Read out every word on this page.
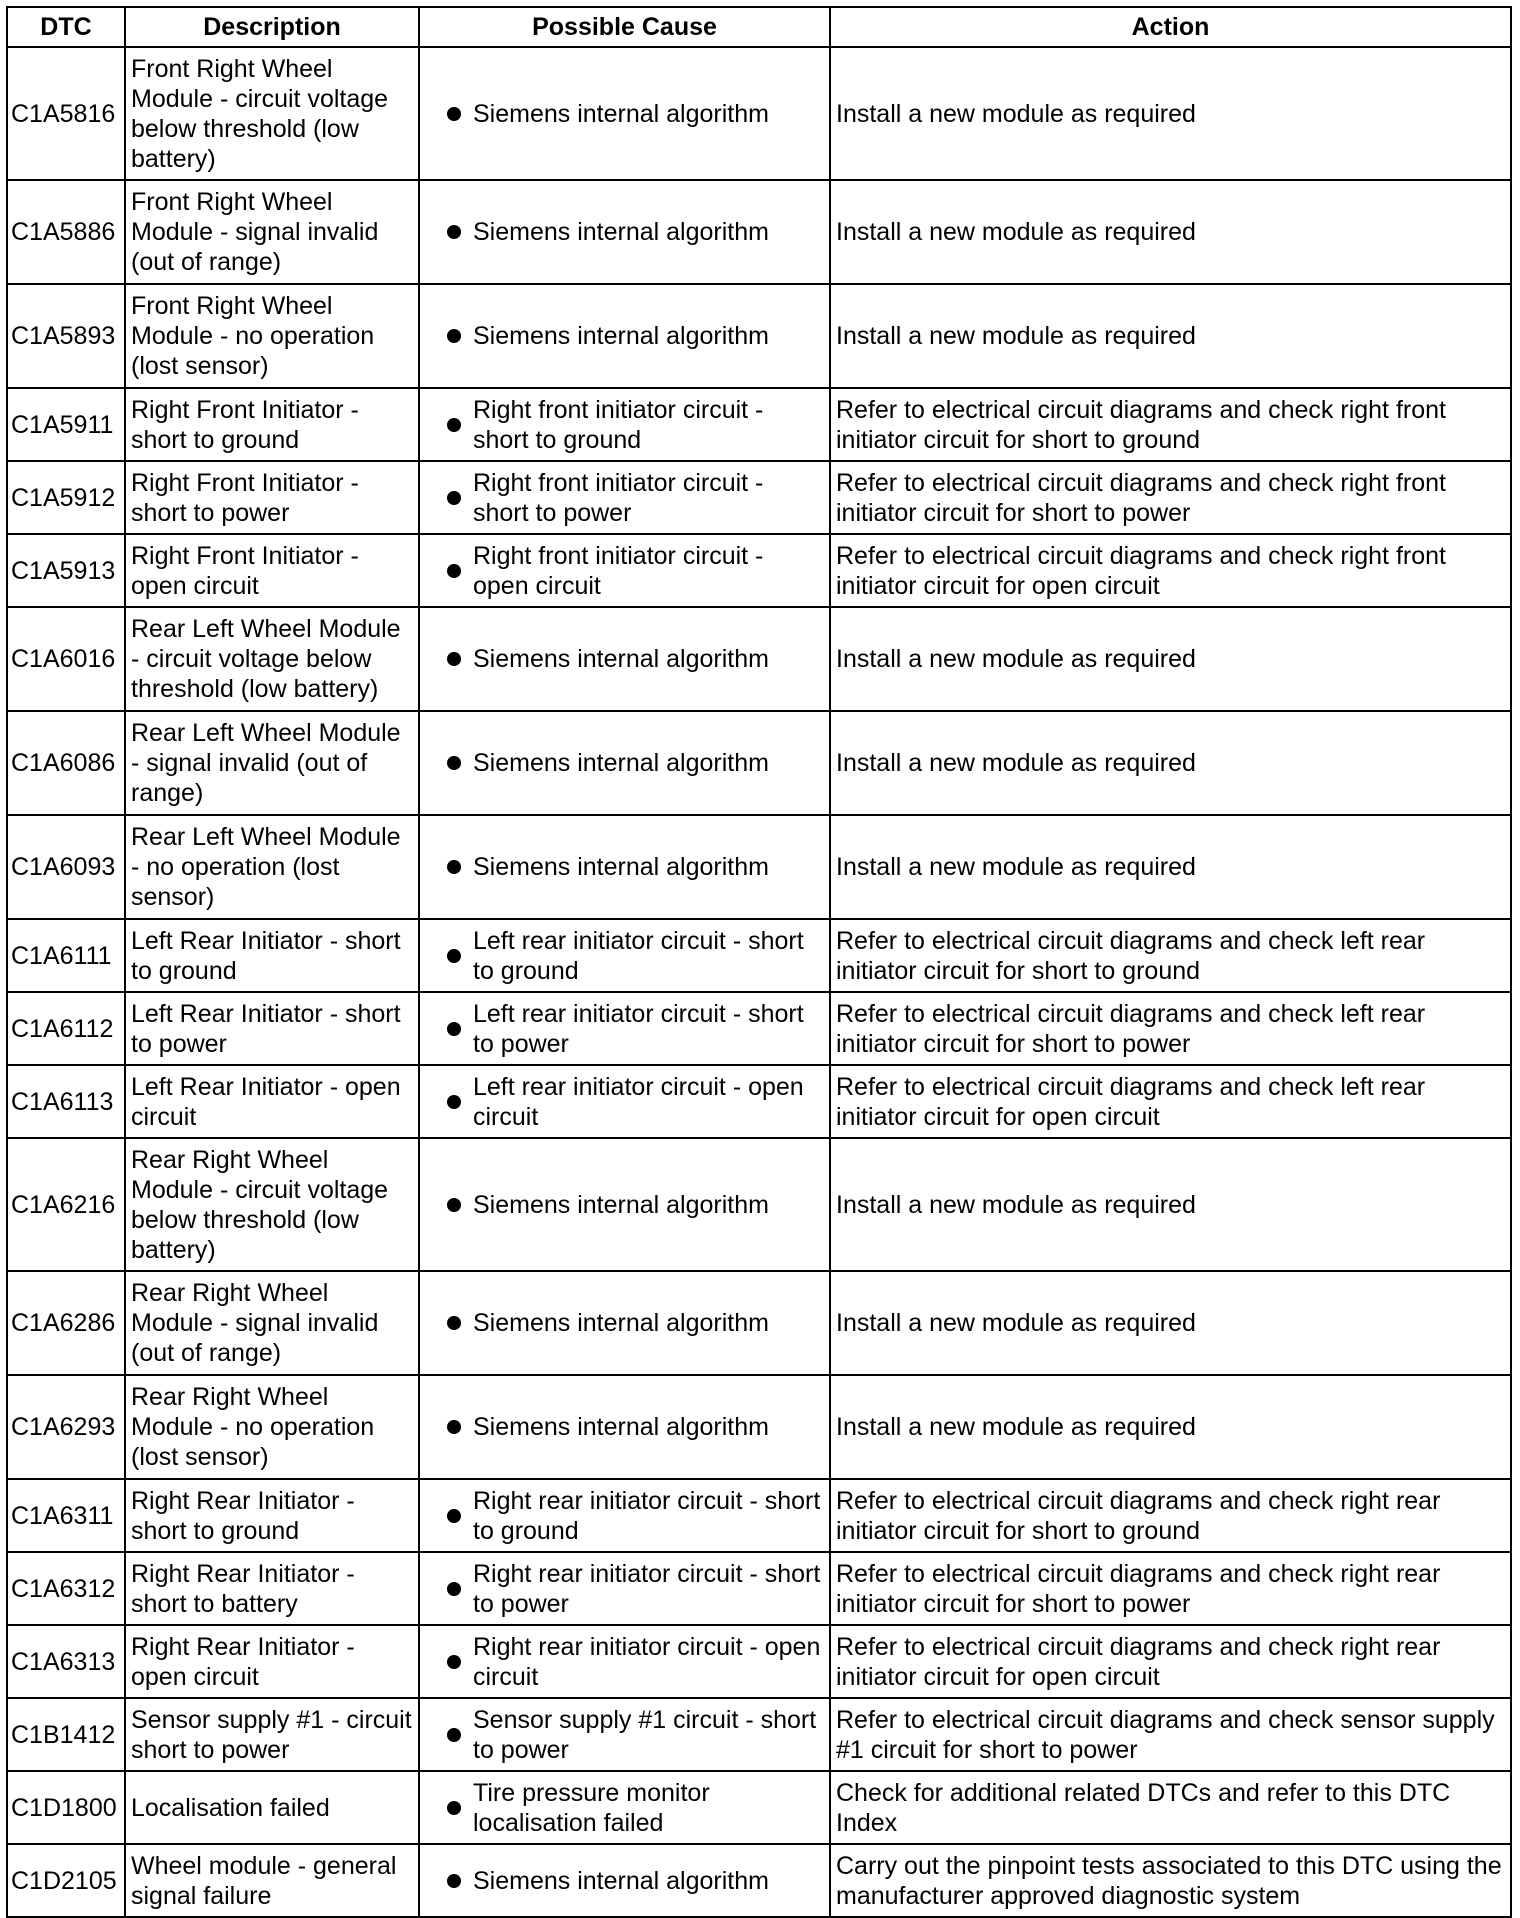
DTC	Description	Possible Cause	Action
C1A5816	Front Right Wheel Module - circuit voltage below threshold (low battery)	Siemens internal algorithm	Install a new module as required
C1A5886	Front Right Wheel Module - signal invalid (out of range)	Siemens internal algorithm	Install a new module as required
C1A5893	Front Right Wheel Module - no operation (lost sensor)	Siemens internal algorithm	Install a new module as required
C1A5911	Right Front Initiator - short to ground	Right front initiator circuit - short to ground	Refer to electrical circuit diagrams and check right front initiator circuit for short to ground
C1A5912	Right Front Initiator - short to power	Right front initiator circuit - short to power	Refer to electrical circuit diagrams and check right front initiator circuit for short to power
C1A5913	Right Front Initiator - open circuit	Right front initiator circuit - open circuit	Refer to electrical circuit diagrams and check right front initiator circuit for open circuit
C1A6016	Rear Left Wheel Module - circuit voltage below threshold (low battery)	Siemens internal algorithm	Install a new module as required
C1A6086	Rear Left Wheel Module - signal invalid (out of range)	Siemens internal algorithm	Install a new module as required
C1A6093	Rear Left Wheel Module - no operation (lost sensor)	Siemens internal algorithm	Install a new module as required
C1A6111	Left Rear Initiator - short to ground	Left rear initiator circuit - short to ground	Refer to electrical circuit diagrams and check left rear initiator circuit for short to ground
C1A6112	Left Rear Initiator - short to power	Left rear initiator circuit - short to power	Refer to electrical circuit diagrams and check left rear initiator circuit for short to power
C1A6113	Left Rear Initiator - open circuit	Left rear initiator circuit - open circuit	Refer to electrical circuit diagrams and check left rear initiator circuit for open circuit
C1A6216	Rear Right Wheel Module - circuit voltage below threshold (low battery)	Siemens internal algorithm	Install a new module as required
C1A6286	Rear Right Wheel Module - signal invalid (out of range)	Siemens internal algorithm	Install a new module as required
C1A6293	Rear Right Wheel Module - no operation (lost sensor)	Siemens internal algorithm	Install a new module as required
C1A6311	Right Rear Initiator - short to ground	Right rear initiator circuit - short to ground	Refer to electrical circuit diagrams and check right rear initiator circuit for short to ground
C1A6312	Right Rear Initiator - short to battery	Right rear initiator circuit - short to power	Refer to electrical circuit diagrams and check right rear initiator circuit for short to power
C1A6313	Right Rear Initiator - open circuit	Right rear initiator circuit - open circuit	Refer to electrical circuit diagrams and check right rear initiator circuit for open circuit
C1B1412	Sensor supply #1 - circuit short to power	Sensor supply #1 circuit - short to power	Refer to electrical circuit diagrams and check sensor supply #1 circuit for short to power
C1D1800	Localisation failed	Tire pressure monitor localisation failed	Check for additional related DTCs and refer to this DTC Index
C1D2105	Wheel module - general signal failure	Siemens internal algorithm	Carry out the pinpoint tests associated to this DTC using the manufacturer approved diagnostic system
